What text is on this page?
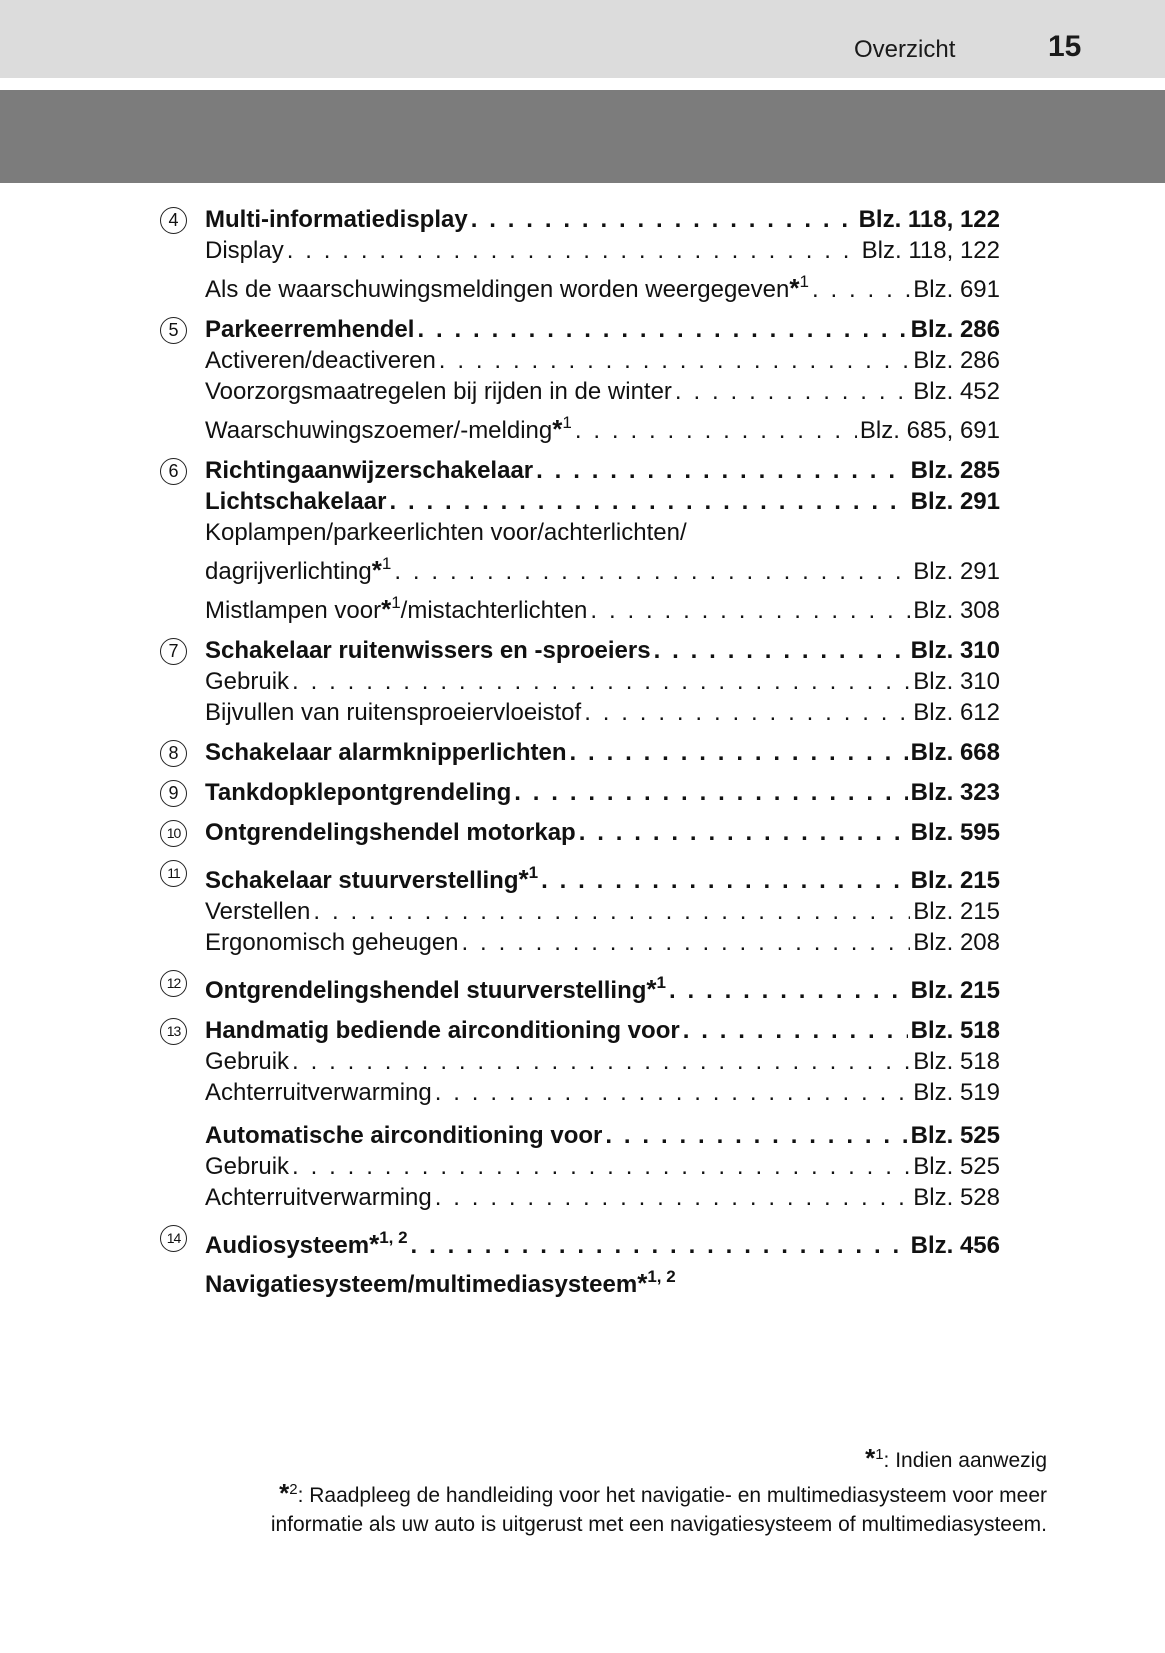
Overzicht	15
4	Multi-informatiedisplay . . .	Blz. 118, 122
Display . . .	Blz. 118, 122
Als de waarschuwingsmeldingen worden weergegeven*$^1$ . . .	Blz. 691
5	Parkeerremhendel . . .	Blz. 286
Activeren/deactiveren . . .	Blz. 286
Voorzorgsmaatregelen bij rijden in de winter . . .	Blz. 452
Waarschuwingszoemer/-melding*$^1$ . . .	Blz. 685, 691
6	Richtingaanwijzerschakelaar . . .	Blz. 285
Lichtschakelaar . . .	Blz. 291
Koplampen/parkeerlichten voor/achterlichten/
dagrijverlichting*$^1$ . . .	Blz. 291
Mistlampen voor*$^1$/mistachterlichten . . .	Blz. 308
7	Schakelaar ruitenwissers en -sproeiers . . .	Blz. 310
Gebruik . . .	Blz. 310
Bijvullen van ruitensproeiervloeistof . . .	Blz. 612
8	Schakelaar alarmknipperlichten . . .	Blz. 668
9	Tankdopklepontgrendeling . . .	Blz. 323
10 Ontgrendelingshendel motorkap . . .	Blz. 595
11	Schakelaar stuurverstelling*$^1$ . . .	Blz. 215
Verstellen . . .	Blz. 215
Ergonomisch geheugen . . .	Blz. 208
12 Ontgrendelingshendel stuurverstelling*$^1$ . . .	Blz. 215
13 Handmatig bediende airconditioning voor . . .	Blz. 518
Gebruik . . .	Blz. 518
Achterruitverwarming . . .	Blz. 519
Automatische airconditioning voor . . .	Blz. 525
Gebruik . . .	Blz. 525
Achterruitverwarming . . .	Blz. 528
14 Audiosysteem*$^{1, 2}$ . . .	Blz. 456
Navigatiesysteem/multimediasysteem*$^{1, 2}$
*$^1$: Indien aanwezig
*$^2$: Raadpleeg de handleiding voor het navigatie- en multimediasysteem voor meer
informatie als uw auto is uitgerust met een navigatiesysteem of multimediasysteem.
